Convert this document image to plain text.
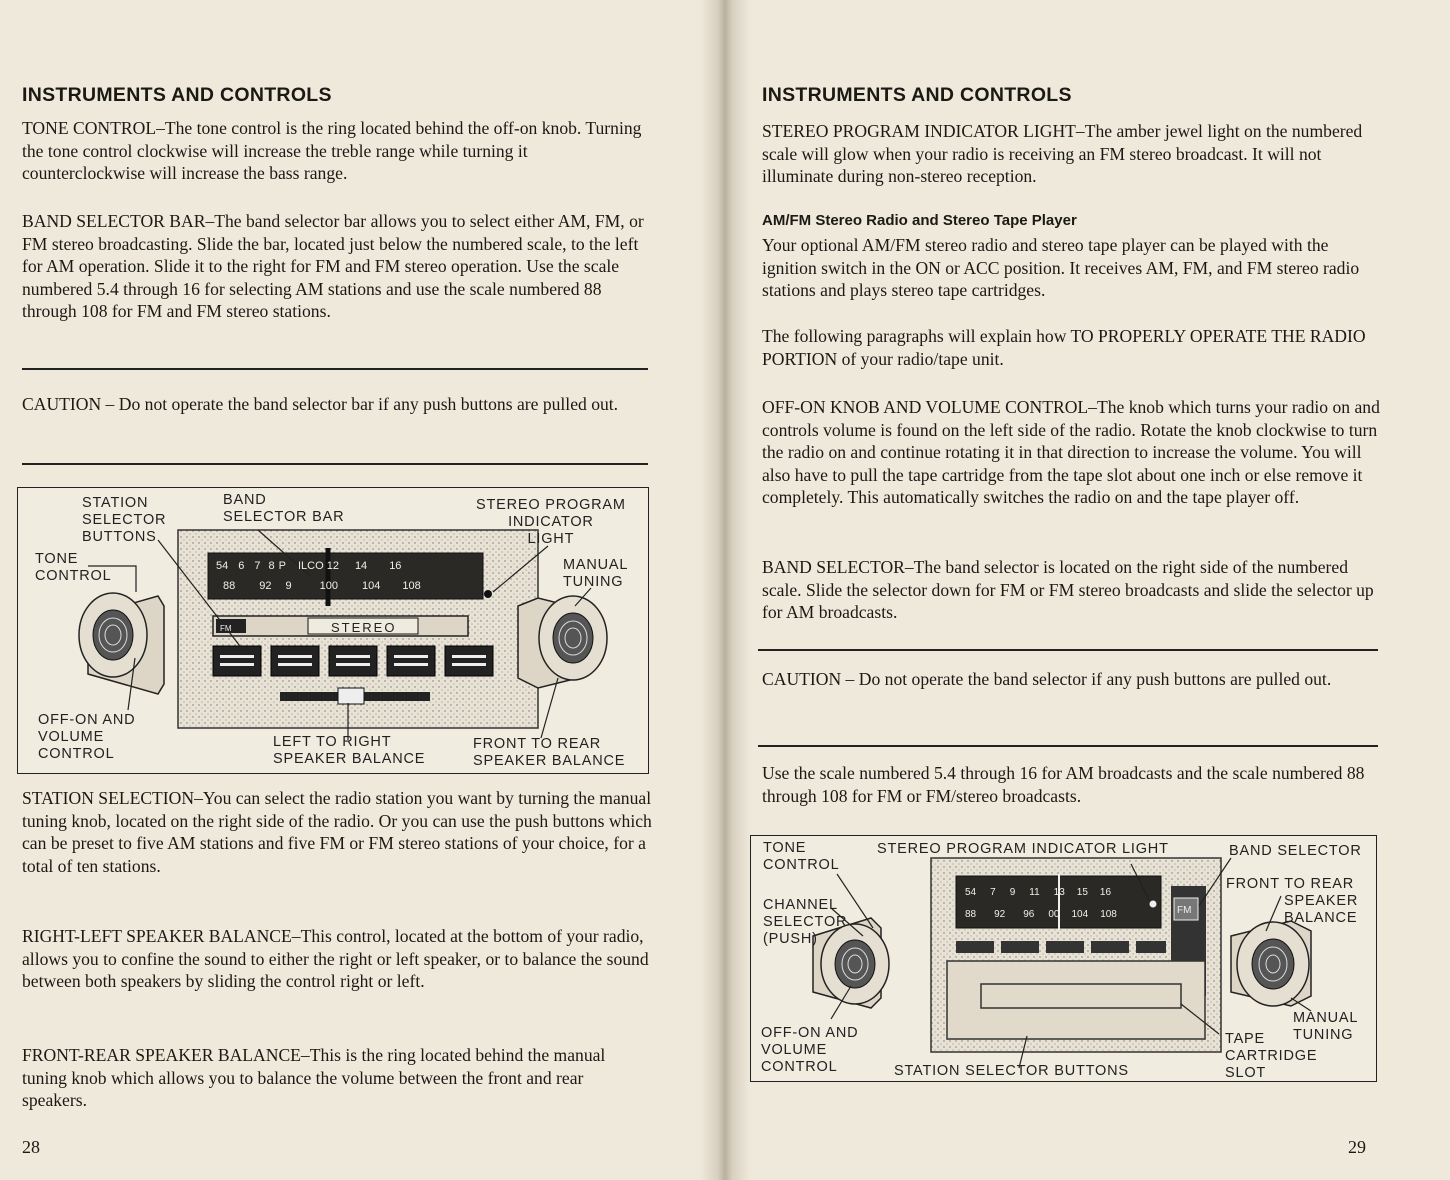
INSTRUMENTS AND CONTROLS

TONE CONTROL–The tone control is the ring located behind the off-on knob. Turning the tone control clockwise will increase the treble range while turning it counterclockwise will increase the bass range.

BAND SELECTOR BAR–The band selector bar allows you to select either AM, FM, or FM stereo broadcasting. Slide the bar, located just below the numbered scale, to the left for AM operation. Slide it to the right for FM and FM stereo operation. Use the scale numbered 5.4 through 16 for selecting AM stations and use the scale numbered 88 through 108 for FM and FM stereo stations.

CAUTION – Do not operate the band selector bar if any push buttons are pulled out.

STATION
SELECTOR
BUTTONS
BAND
SELECTOR BAR
STEREO PROGRAM
INDICATOR
LIGHT
TONE
CONTROL
MANUAL
TUNING
OFF-ON AND
VOLUME
CONTROL
LEFT TO RIGHT
SPEAKER BALANCE
FRONT TO REAR
SPEAKER BALANCE
54 6 7 8 P ILCO 12 14 16
88 92 9	100 104 108
FM	STEREO

STATION SELECTION–You can select the radio station you want by turning the manual tuning knob, located on the right side of the radio. Or you can use the push buttons which can be preset to five AM stations and five FM or FM stereo stations of your choice, for a total of ten stations.

RIGHT-LEFT SPEAKER BALANCE–This control, located at the bottom of your radio, allows you to confine the sound to either the right or left speaker, or to balance the sound between both speakers by sliding the control right or left.

FRONT-REAR SPEAKER BALANCE–This is the ring located behind the manual tuning knob which allows you to balance the volume between the front and rear speakers.

28
INSTRUMENTS AND CONTROLS

STEREO PROGRAM INDICATOR LIGHT–The amber jewel light on the numbered scale will glow when your radio is receiving an FM stereo broadcast. It will not illuminate during non-stereo reception.

AM/FM Stereo Radio and Stereo Tape Player

Your optional AM/FM stereo radio and stereo tape player can be played with the ignition switch in the ON or ACC position. It receives AM, FM, and FM stereo radio stations and plays stereo tape cartridges.

The following paragraphs will explain how TO PROPERLY OPERATE THE RADIO PORTION of your radio/tape unit.

OFF-ON KNOB AND VOLUME CONTROL–The knob which turns your radio on and controls volume is found on the left side of the radio. Rotate the knob clockwise to turn the radio on and continue rotating it in that direction to increase the volume. You will also have to pull the tape cartridge from the tape slot about one inch or else remove it completely. This automatically switches the radio on and the tape player off.

BAND SELECTOR–The band selector is located on the right side of the numbered scale. Slide the selector down for FM or FM stereo broadcasts and slide the selector up for AM broadcasts.

CAUTION – Do not operate the band selector if any push buttons are pulled out.

Use the scale numbered 5.4 through 16 for AM broadcasts and the scale numbered 88 through 108 for FM or FM/stereo broadcasts.

TONE
CONTROL
STEREO PROGRAM INDICATOR LIGHT	BAND SELECTOR
FRONT TO REAR
SPEAKER
BALANCE
CHANNEL
SELECTOR
(PUSH)
MANUAL
TUNING
OFF-ON AND
VOLUME
CONTROL
TAPE
CARTRIDGE
SLOT
STATION SELECTOR BUTTONS
54 7 9 11 13 15 16
88 92 96 00 104 108	FM
29
